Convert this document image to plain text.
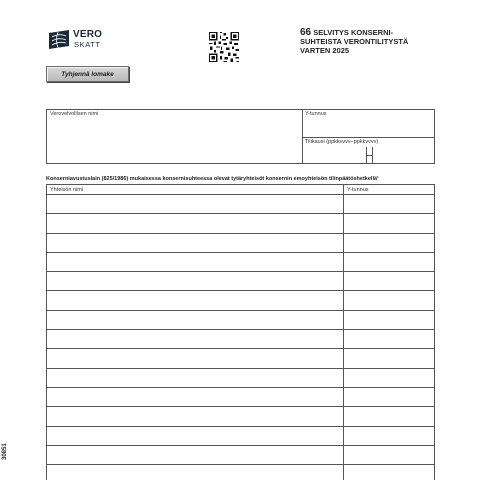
VERO
SKATT
66 SELVITYS KONSERNI-
SUHTEISTA VERONTILITYSTÄ
VARTEN 2025
Tyhjennä lomake
Verovelvollisen nimi	Y-tunnus
Tilikausi (ppkkvvvv–ppkkvvvv)
Konserniavustuslain (825/1986) mukaisessa konsernisuhteessa olevat tytäryhteisöt konsernin emoyhteisön tilinpäätöshetkellä¹
Yhteisön nimi	Y-tunnus
30851
